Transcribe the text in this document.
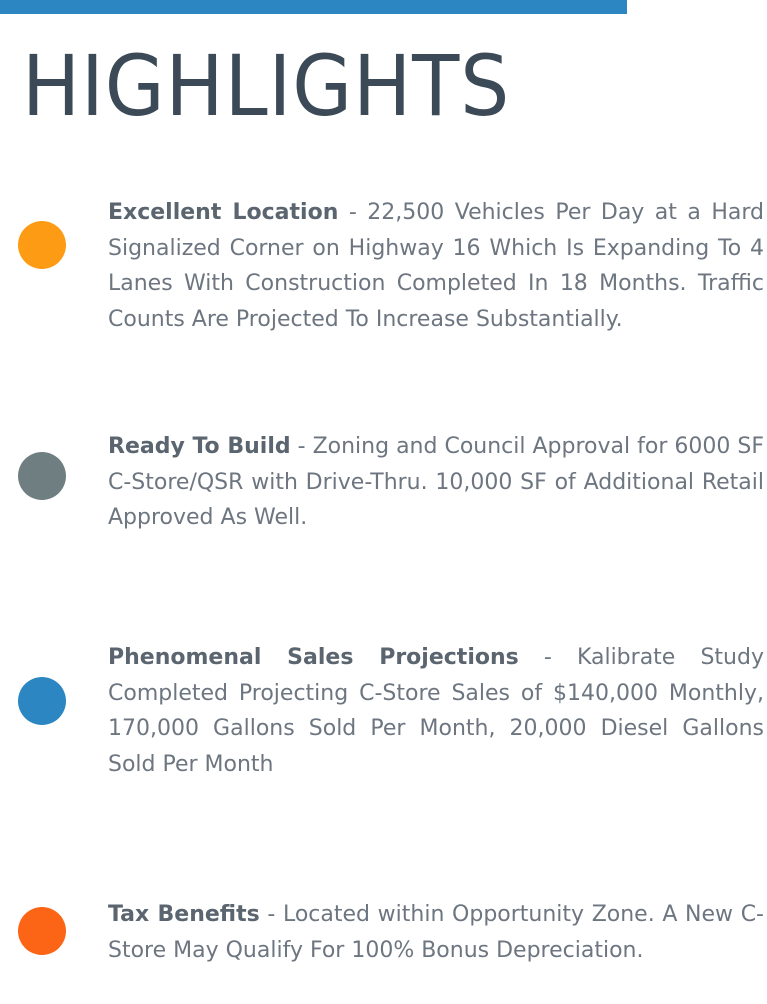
HIGHLIGHTS

Excellent Location - 22,500 Vehicles Per Day at a Hard Signalized Corner on Highway 16 Which Is Expanding To 4 Lanes With Construction Completed In 18 Months. Traffic Counts Are Projected To Increase Substantially.

Ready To Build - Zoning and Council Approval for 6000 SF C-Store/QSR with Drive-Thru. 10,000 SF of Additional Retail Approved As Well.

Phenomenal Sales Projections - Kalibrate Study Completed Projecting C-Store Sales of $140,000 Monthly, 170,000 Gallons Sold Per Month, 20,000 Diesel Gallons Sold Per Month

Tax Benefits - Located within Opportunity Zone. A New C-Store May Qualify For 100% Bonus Depreciation.
